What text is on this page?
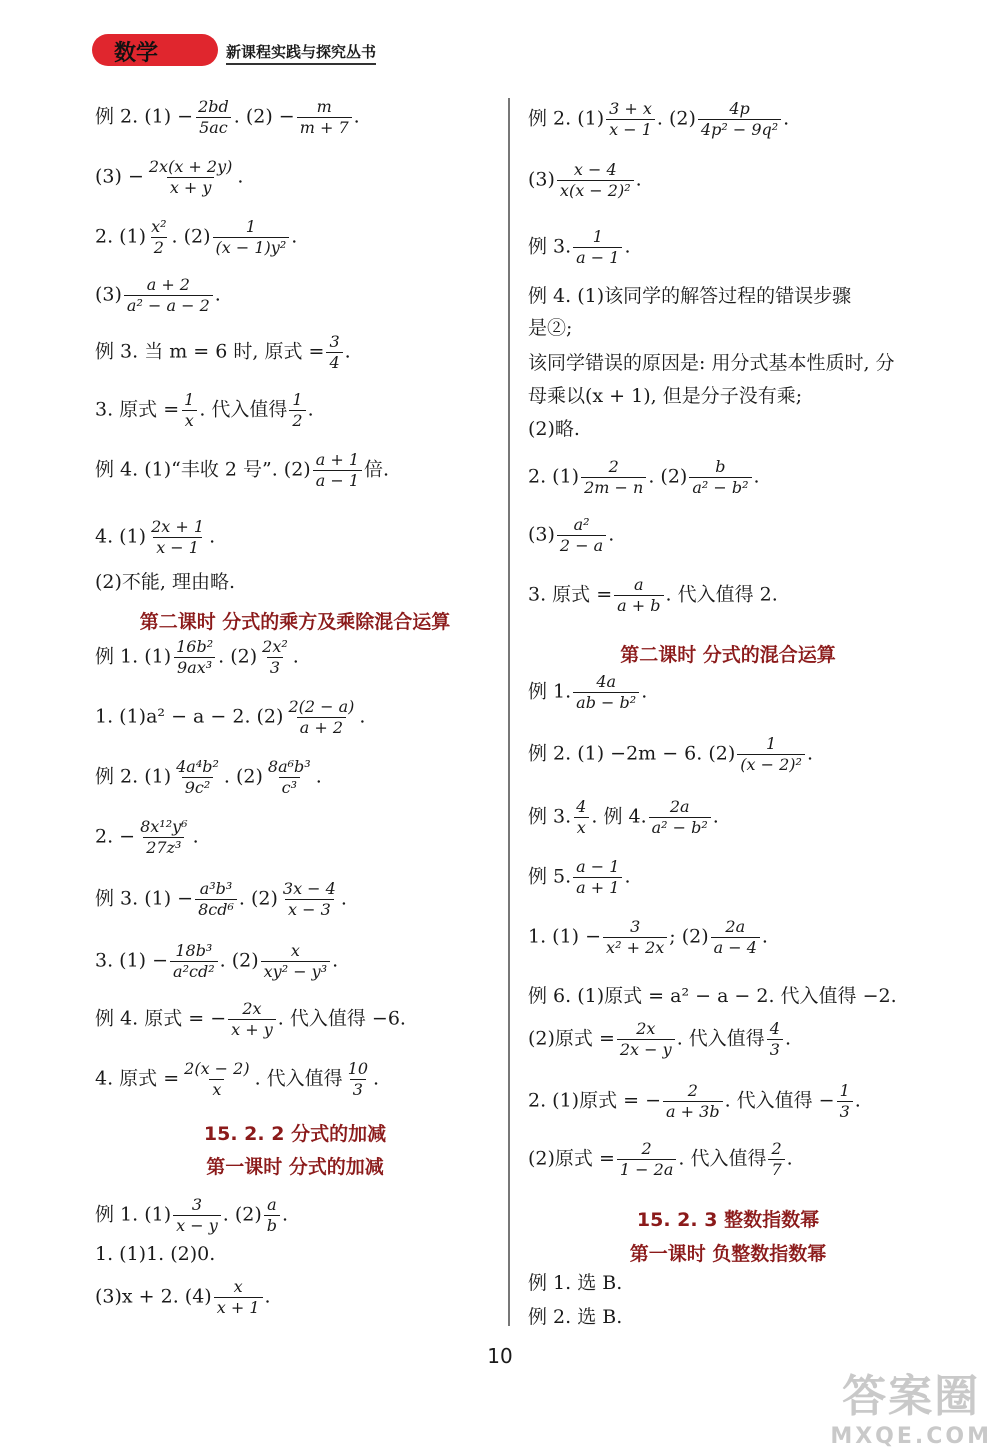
数学	新课程实践与探究丛书
例 2. $(1) - \frac{2bd}{5ac}$ . $(2) - \frac{m}{m + 7}$ .
$(3) - \frac{2x(x + 2y)}{x + y}$ .
2. $(1) \frac{\text{x²}}{2}$ . $(2) \frac{1}{\text{(x − 1)y²}}$ .
$(3) \frac{a + 2}{\text{a² − a − 2}}$ .
例 3. 当 m = 6 时, 原式 = $\frac{3}{4}$ .
3. 原式 = $\frac{1}{x}$ . 代入值得 $\frac{1}{2}$ .
例 4. (1)“丰收 2 号”. $(2) \frac{a + 1}{a - 1}$ 倍.
4. $(1) \frac{2x + 1}{x - 1}$ .
(2)不能, 理由略.
第二课时 分式的乘方及乘除混合运算
例 1. $(1) \frac{\text{16b²}}{\text{9ax³}}$ . $(2) \frac{\text{2x²}}{3}$ .
1. (1)a² − a − 2. $(2) \frac{2(2 - a)}{a + 2}$ .
例 2. $(1) \frac{\text{4a⁴b²}}{\text{9c²}}$ . $(2) \frac{\text{8a⁶b³}}{\text{c³}}$ .
2. − $\frac{\text{8x¹²y⁶}}{\text{27z³}}$ .
例 3. $(1) - \frac{\text{a³b³}}{\text{8cd⁶}}$ . $(2) \frac{3x - 4}{x - 3}$ .
3. $(1) - \frac{\text{18b³}}{\text{a²cd²}}$ . $(2) \frac{x}{\text{xy² − y³}}$ .
例 4. 原式 = − $\frac{2x}{x + y}$ . 代入值得 −6.
4. 原式 = $\frac{2(x - 2)}{x}$ . 代入值得 $\frac{10}{3}$ .
15. 2. 2 分式的加减
第一课时 分式的加减
例 1. $(1) \frac{3}{x - y}$ . $(2) \frac{a}{b}$ .
1. (1)1. (2)0.
(3)x + 2. $(4) \frac{x}{x + 1}$ .
例 2. $(1) \frac{3 + x}{x - 1}$ . $(2) \frac{4p}{\text{4p² − 9q²}}$ .
$(3) \frac{x - 4}{\text{x(x − 2)²}}$ .
例 3. $\frac{1}{a - 1}$ .
例 4. (1)该同学的解答过程的错误步骤
是②;
该同学错误的原因是: 用分式基本性质时, 分
母乘以(x + 1), 但是分子没有乘;
(2)略.
2. $(1) \frac{2}{2m - n}$ . $(2) \frac{b}{\text{a² − b²}}$ .
$(3) \frac{\text{a²}}{2 - a}$ .
3. 原式 = $\frac{a}{a + b}$ . 代入值得 2.
第二课时 分式的混合运算
例 1. $\frac{4a}{\text{ab − b²}}$ .
例 2. (1) −2m − 6. $(2) \frac{1}{\text{(x − 2)²}}$ .
例 3. $\frac{4}{x}$ . 例 4. $\frac{2a}{\text{a² − b²}}$ .
例 5. $\frac{a - 1}{a + 1}$ .
1. $(1) - \frac{3}{\text{x² + 2x}}$ ; $(2) \frac{2a}{a - 4}$ .
例 6. (1)原式 = a² − a − 2. 代入值得 −2.
(2)原式 = $\frac{2x}{2x - y}$ . 代入值得 $\frac{4}{3}$ .
2. (1)原式 = − $\frac{2}{a + 3b}$ . 代入值得 − $\frac{1}{3}$ .
(2)原式 = $\frac{2}{1 - 2a}$ . 代入值得 $\frac{2}{7}$ .
15. 2. 3 整数指数幂
第一课时 负整数指数幂
例 1. 选 B.
例 2. 选 B.
10
答案圈
MXQE.COM
